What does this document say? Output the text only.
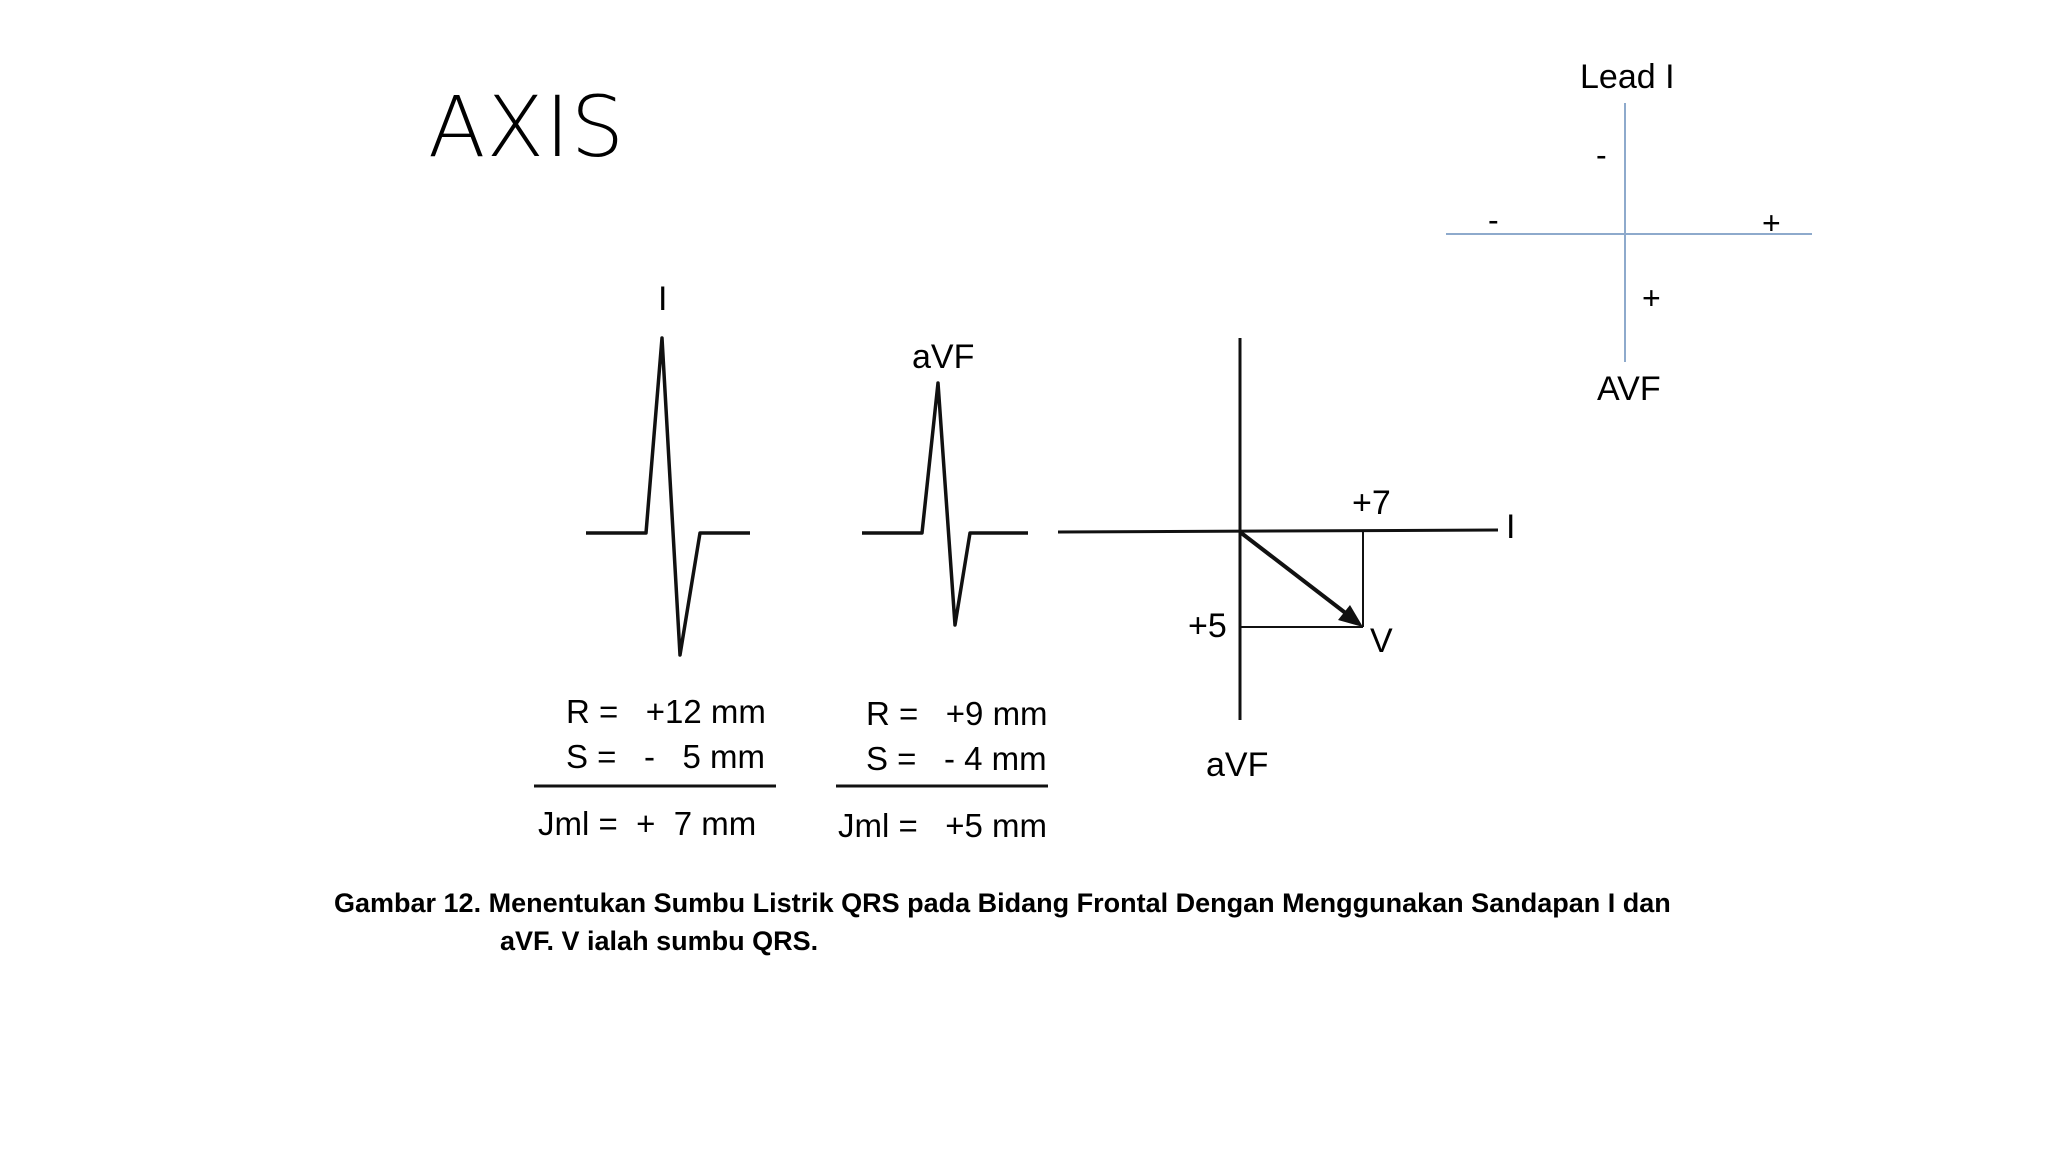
AXIS
Lead I
AVF
-
-	+
+
I
aVF
I
aVF
+7
+5	V
R =   +12 mm
S =   -   5 mm
Jml =  +  7 mm
R =   +9 mm
S =   - 4 mm
Jml =   +5 mm
Gambar 12. Menentukan Sumbu Listrik QRS pada Bidang Frontal Dengan Menggunakan Sandapan I dan
aVF. V ialah sumbu QRS.
